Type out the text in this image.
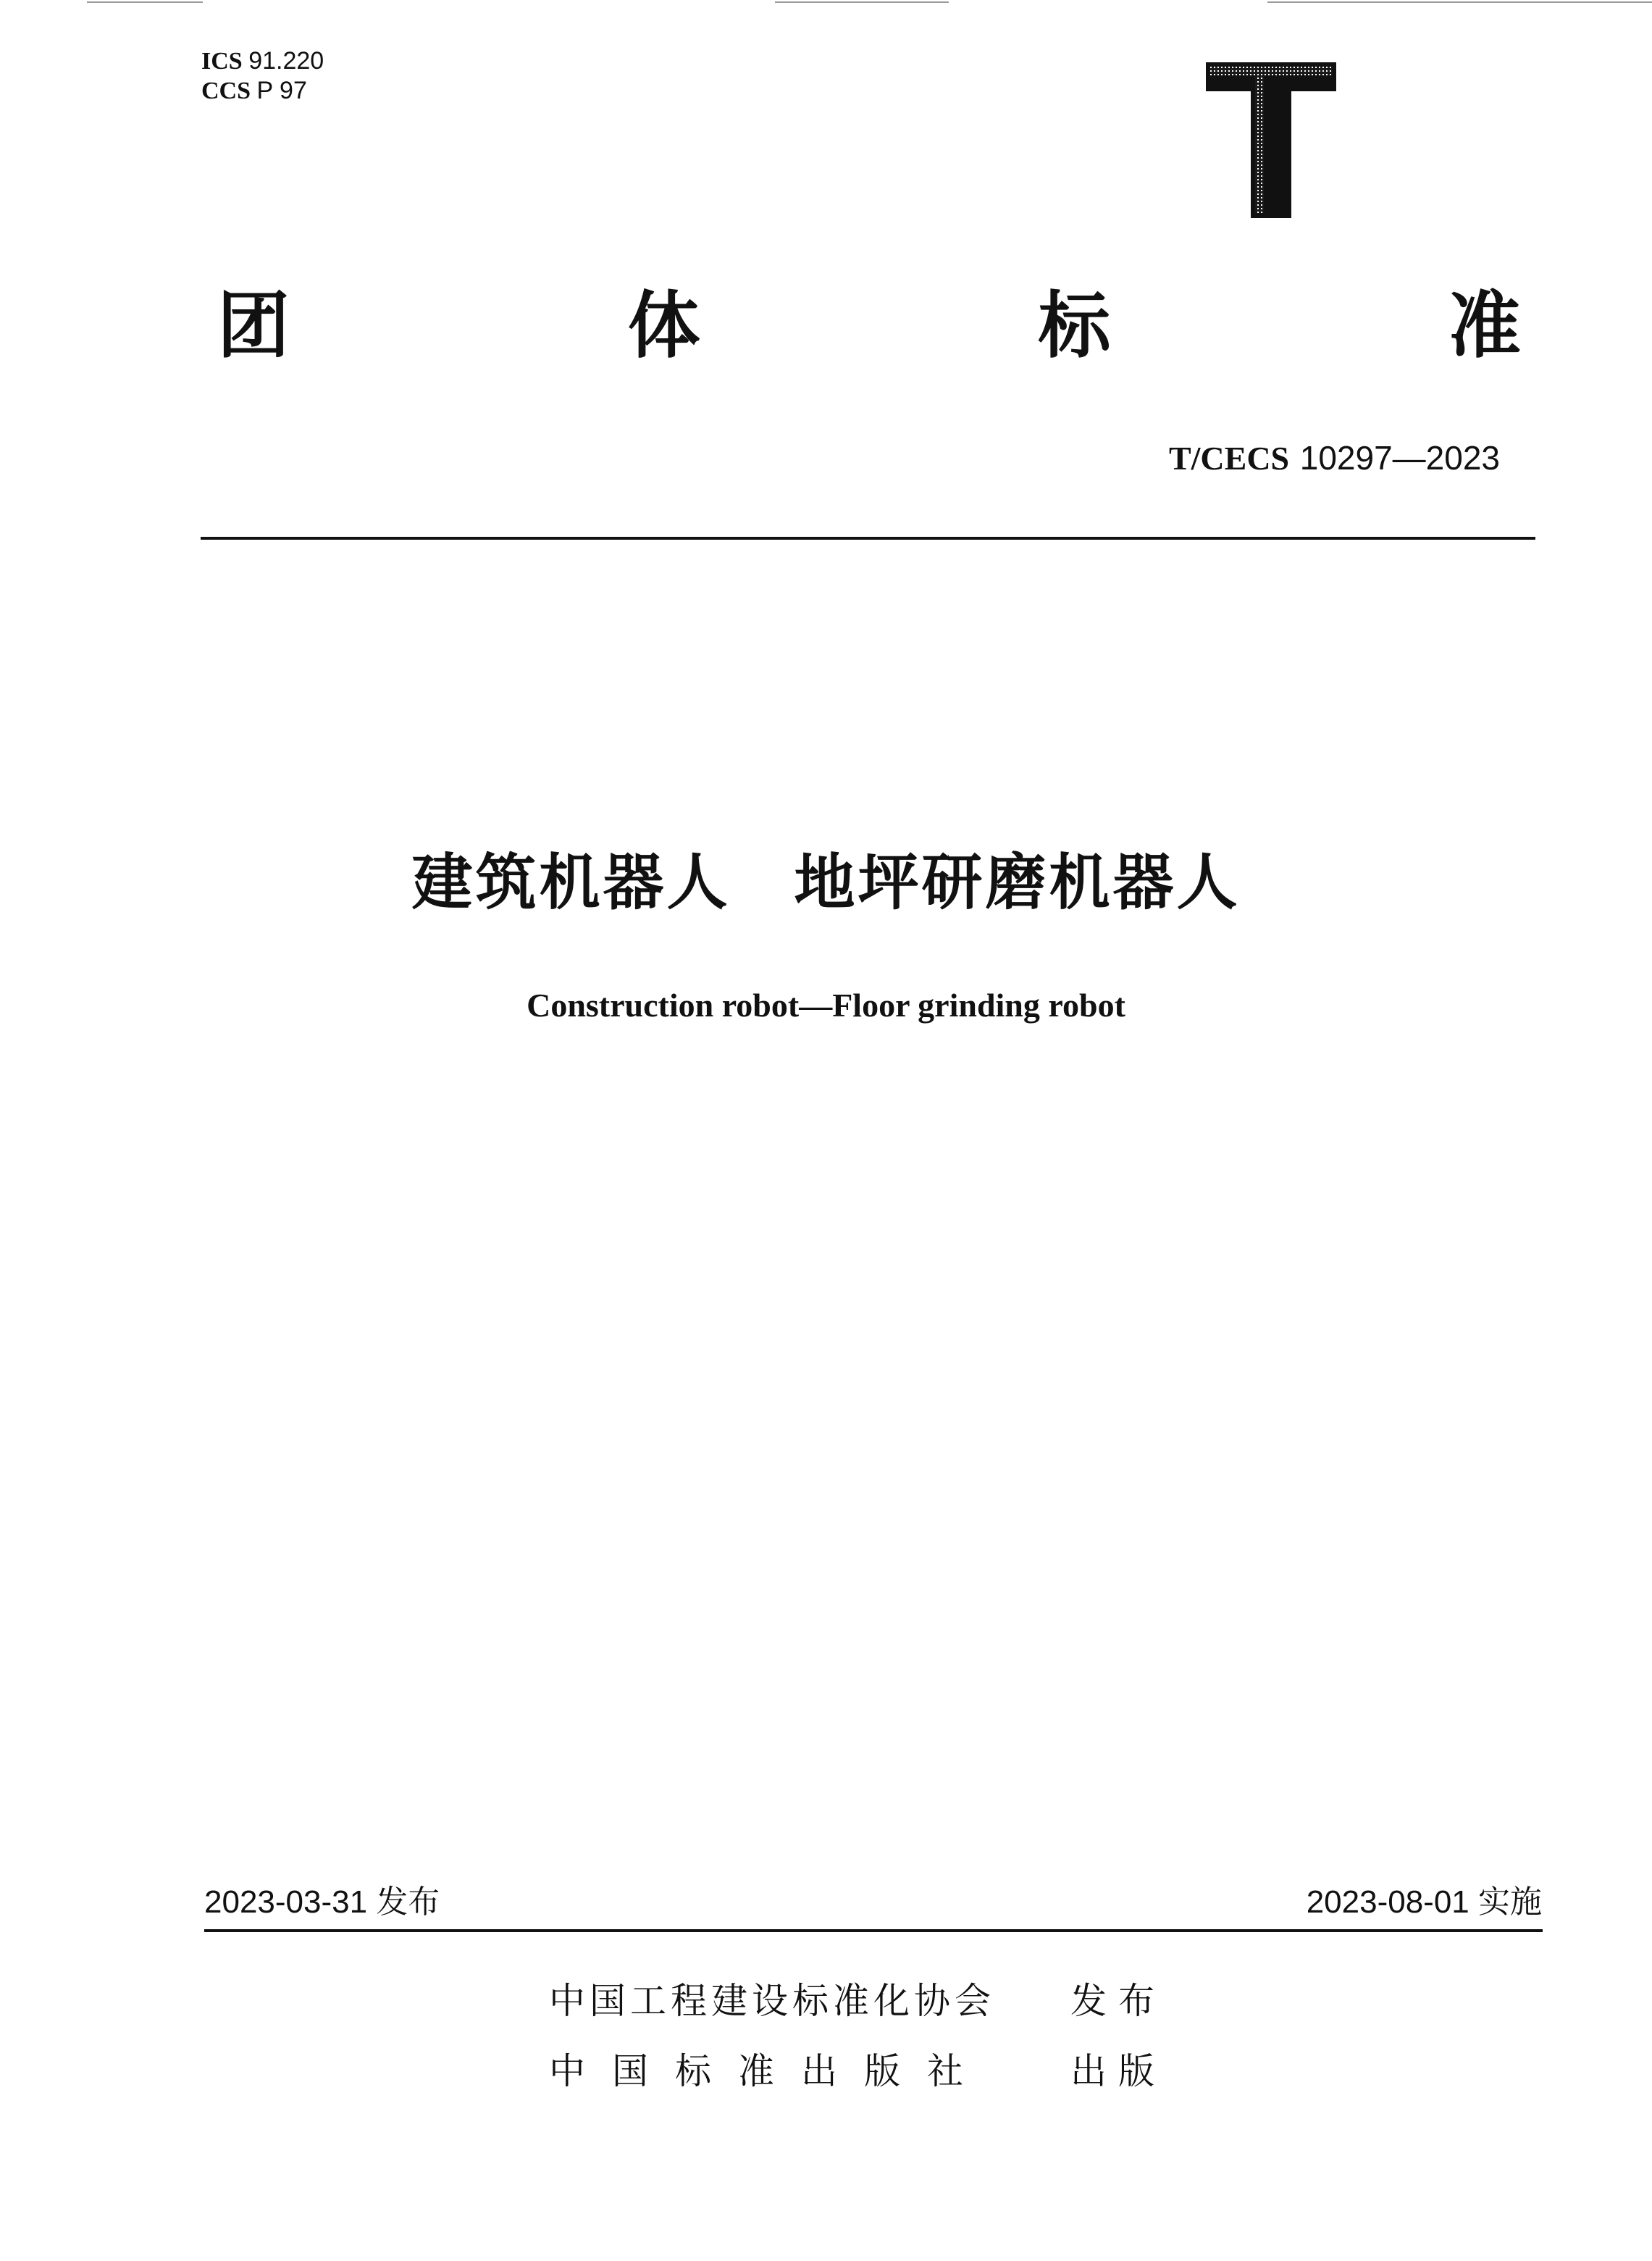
ICS 91.220
CCS P 97
团	体	标	准
T/CECS 10297—2023
建筑机器人　地坪研磨机器人
Construction robot—Floor grinding robot
2023-03-31 发布	2023-08-01 实施
中国工程建设标准化协会	发布
中国标准出版社	出版
